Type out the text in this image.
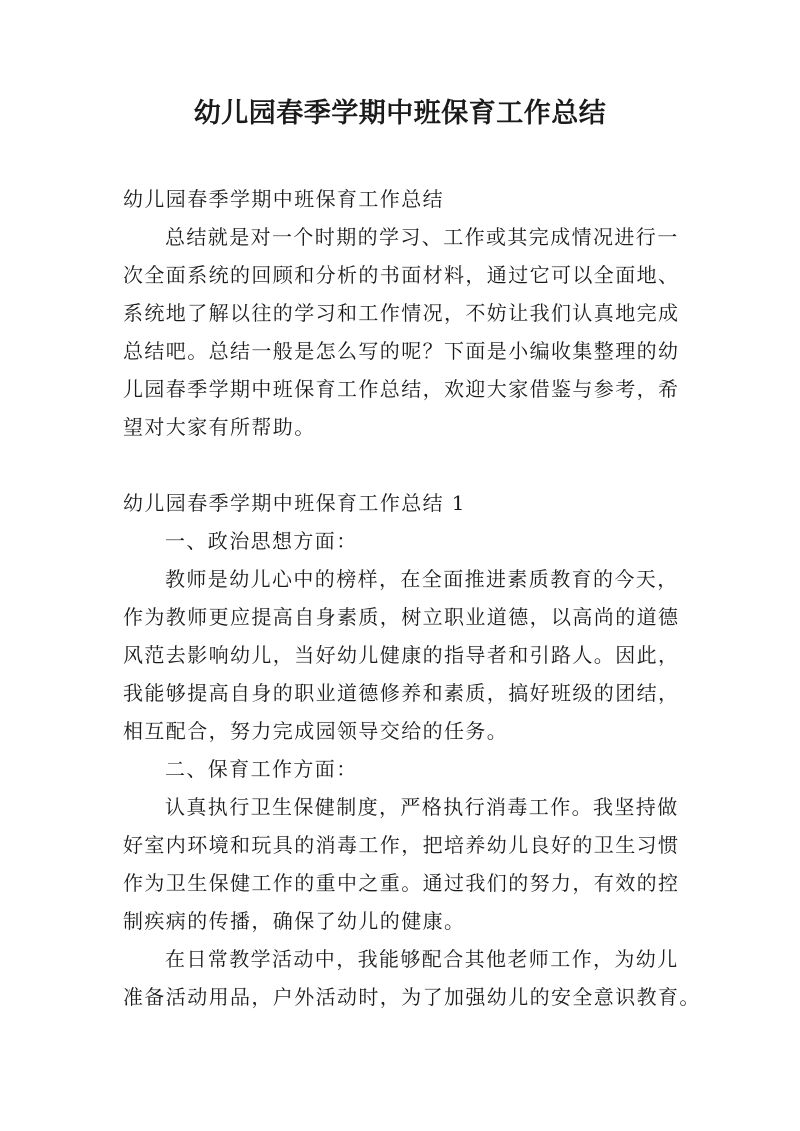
幼儿园春季学期中班保育工作总结

幼儿园春季学期中班保育工作总结

总结就是对一个时期的学习、工作或其完成情况进行一

次全面系统的回顾和分析的书面材料，通过它可以全面地、

系统地了解以往的学习和工作情况，不妨让我们认真地完成

总结吧。总结一般是怎么写的呢？下面是小编收集整理的幼

儿园春季学期中班保育工作总结，欢迎大家借鉴与参考，希

望对大家有所帮助。

幼儿园春季学期中班保育工作总结 1

一、政治思想方面：

教师是幼儿心中的榜样，在全面推进素质教育的今天，

作为教师更应提高自身素质，树立职业道德，以高尚的道德

风范去影响幼儿，当好幼儿健康的指导者和引路人。因此，

我能够提高自身的职业道德修养和素质，搞好班级的团结，

相互配合，努力完成园领导交给的任务。

二、保育工作方面：

认真执行卫生保健制度，严格执行消毒工作。我坚持做

好室内环境和玩具的消毒工作，把培养幼儿良好的卫生习惯

作为卫生保健工作的重中之重。通过我们的努力，有效的控

制疾病的传播，确保了幼儿的健康。

在日常教学活动中，我能够配合其他老师工作，为幼儿

准备活动用品，户外活动时，为了加强幼儿的安全意识教育。
